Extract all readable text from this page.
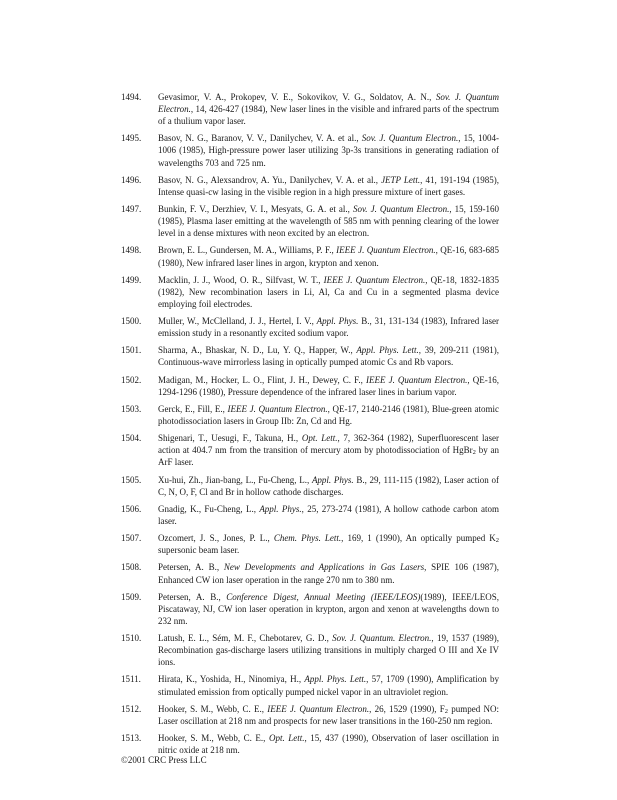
1494. Gevasimor, V. A., Prokopev, V. E., Sokovikov, V. G., Soldatov, A. N., Sov. J. Quantum Electron., 14, 426-427 (1984), New laser lines in the visible and infrared parts of the spectrum of a thulium vapor laser.
1495. Basov, N. G., Baranov, V. V., Danilychev, V. A. et al., Sov. J. Quantum Electron., 15, 1004-1006 (1985), High-pressure power laser utilizing 3p-3s transitions in generating radiation of wavelengths 703 and 725 nm.
1496. Basov, N. G., Alexsandrov, A. Yu., Danilychev, V. A. et al., JETP Lett., 41, 191-194 (1985), Intense quasi-cw lasing in the visible region in a high pressure mixture of inert gases.
1497. Bunkin, F. V., Derzhiev, V. I., Mesyats, G. A. et al., Sov. J. Quantum Electron., 15, 159-160 (1985), Plasma laser emitting at the wavelength of 585 nm with penning clearing of the lower level in a dense mixtures with neon excited by an electron.
1498. Brown, E. L., Gundersen, M. A., Williams, P. F., IEEE J. Quantum Electron., QE-16, 683-685 (1980), New infrared laser lines in argon, krypton and xenon.
1499. Macklin, J. J., Wood, O. R., Silfvast, W. T., IEEE J. Quantum Electron., QE-18, 1832-1835 (1982), New recombination lasers in Li, Al, Ca and Cu in a segmented plasma device employing foil electrodes.
1500. Muller, W., McClelland, J. J., Hertel, I. V., Appl. Phys. B., 31, 131-134 (1983), Infrared laser emission study in a resonantly excited sodium vapor.
1501. Sharma, A., Bhaskar, N. D., Lu, Y. Q., Happer, W., Appl. Phys. Lett., 39, 209-211 (1981), Continuous-wave mirrorless lasing in optically pumped atomic Cs and Rb vapors.
1502. Madigan, M., Hocker, L. O., Flint, J. H., Dewey, C. F., IEEE J. Quantum Electron., QE-16, 1294-1296 (1980), Pressure dependence of the infrared laser lines in barium vapor.
1503. Gerck, E., Fill, E., IEEE J. Quantum Electron., QE-17, 2140-2146 (1981), Blue-green atomic photodissociation lasers in Group IIb: Zn, Cd and Hg.
1504. Shigenari, T., Uesugi, F., Takuna, H., Opt. Lett., 7, 362-364 (1982), Superfluorescent laser action at 404.7 nm from the transition of mercury atom by photodissociation of HgBr$_2$ by an ArF laser.
1505. Xu-hui, Zh., Jian-bang, L., Fu-Cheng, L., Appl. Phys. B., 29, 111-115 (1982), Laser action of C, N, O, F, Cl and Br in hollow cathode discharges.
1506. Gnadig, K., Fu-Cheng, L., Appl. Phys., 25, 273-274 (1981), A hollow cathode carbon atom laser.
1507. Ozcomert, J. S., Jones, P. L., Chem. Phys. Lett., 169, 1 (1990), An optically pumped $K_2$ supersonic beam laser.
1508. Petersen, A. B., New Developments and Applications in Gas Lasers, SPIE 106 (1987), Enhanced CW ion laser operation in the range 270 nm to 380 nm.
1509. Petersen, A. B., Conference Digest, Annual Meeting (IEEE/LEOS)(1989), IEEE/LEOS, Piscataway, NJ, CW ion laser operation in krypton, argon and xenon at wavelengths down to 232 nm.
1510. Latush, E. L., Sém, M. F., Chebotarev, G. D., Sov. J. Quantum. Electron., 19, 1537 (1989), Recombination gas-discharge lasers utilizing transitions in multiply charged O III and Xe IV ions.
1511. Hirata, K., Yoshida, H., Ninomiya, H., Appl. Phys. Lett., 57, 1709 (1990), Amplification by stimulated emission from optically pumped nickel vapor in an ultraviolet region.
1512. Hooker, S. M., Webb, C. E., IEEE J. Quantum Electron., 26, 1529 (1990), $F_2$ pumped NO: Laser oscillation at 218 nm and prospects for new laser transitions in the 160-250 nm region.
1513. Hooker, S. M., Webb, C. E., Opt. Lett., 15, 437 (1990), Observation of laser oscillation in nitric oxide at 218 nm.
©2001 CRC Press LLC
